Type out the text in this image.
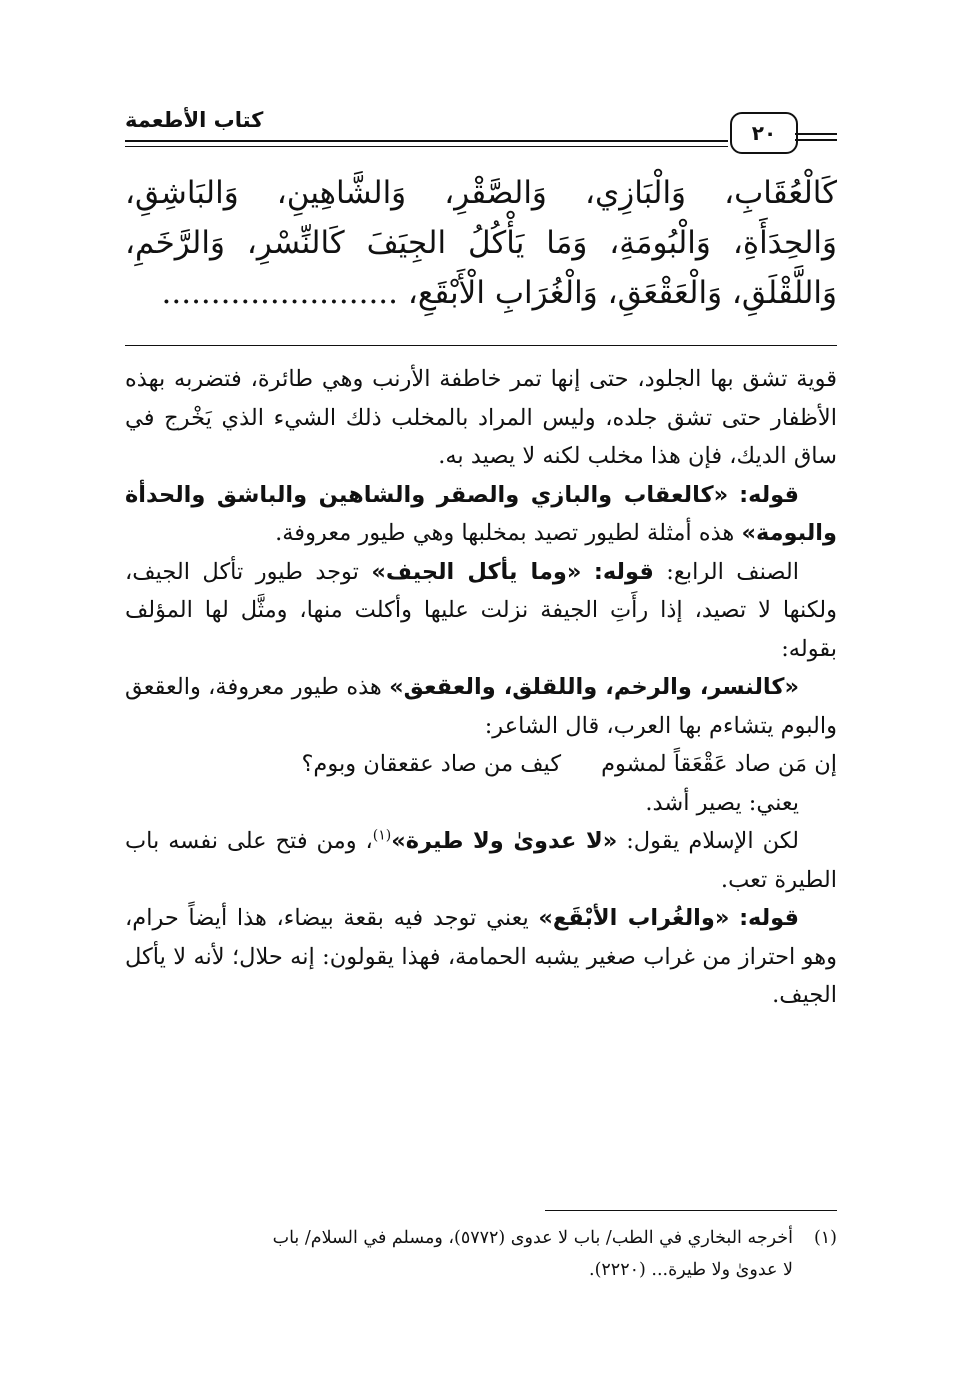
كتاب الأطعمة
٢٠
كَالْعُقَابِ، وَالْبَازِي، وَالصَّقْرِ، وَالشَّاهِينِ، وَالبَاشِقِ،
وَالحِدَأَةِ، وَالْبُومَةِ، وَمَا يَأْكُلُ الجِيَفَ كَالنِّسْرِ، وَالرَّخَمِ،
وَاللَّقْلَقِ، وَالْعَقْعَقِ، وَالْغُرَابِ الْأَبْقَعِ، ........................

قوية تشق بها الجلود، حتى إنها تمر خاطفة الأرنب وهي طائرة، فتضربه بهذه الأظفار حتى تشق جلده، وليس المراد بالمخلب ذلك الشيء الذي يَخْرج في ساق الديك، فإن هذا مخلب لكنه لا يصيد به.

قوله: «كالعقاب والبازي والصقر والشاهين والباشق والحدأة والبومة» هذه أمثلة لطيور تصيد بمخلبها وهي طيور معروفة.

الصنف الرابع: قوله: «وما يأكل الجيف» توجد طيور تأكل الجيف، ولكنها لا تصيد، إذا رأَتِ الجيفة نزلت عليها وأكلت منها، ومثَّل لها المؤلف بقوله:

«كالنسر، والرخم، واللقلق، والعقعق» هذه طيور معروفة، والعقعق والبوم يتشاءم بها العرب، قال الشاعر:

إن مَن صاد عَقْعَقاً لمشومكيف من صاد عقعقان وبوم؟

يعني: يصير أشد.

لكن الإسلام يقول: «لا عدوىٰ ولا طيرة»$^{(١)}$، ومن فتح على نفسه باب الطيرة تعب.

قوله: «والغُراب الأبْقَع» يعني توجد فيه بقعة بيضاء، هذا أيضاً حرام، وهو احتراز من غراب صغير يشبه الحمامة، فهذا يقولون: إنه حلال؛ لأنه لا يأكل الجيف.

(١)أخرجه البخاري في الطب/ باب لا عدوى (٥٧٧٢)، ومسلم في السلام/ باب
لا عدوىٰ ولا طيرة... (٢٢٢٠).
